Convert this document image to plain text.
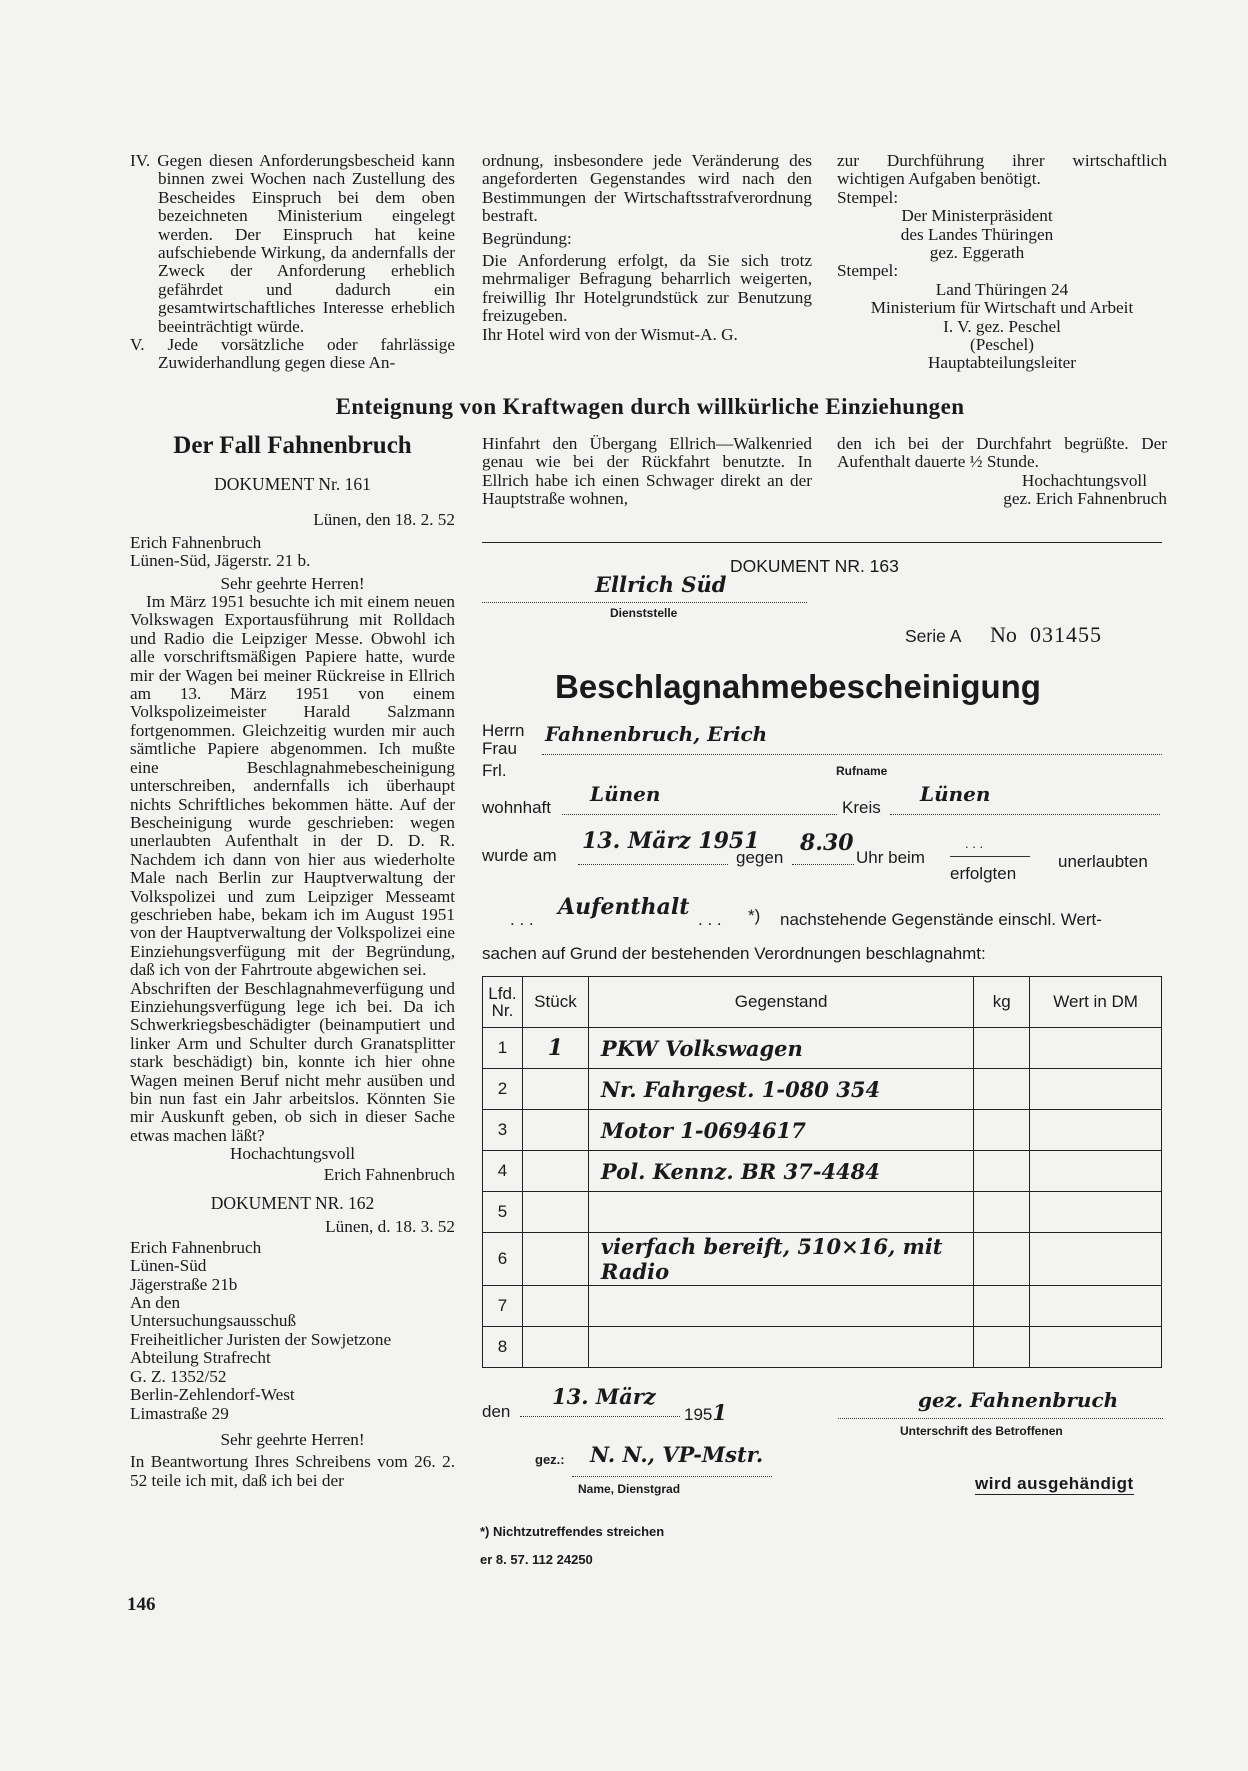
IV. Gegen diesen Anforderungsbescheid kann binnen zwei Wochen nach Zustellung des Bescheides Einspruch bei dem oben bezeichneten Ministerium eingelegt werden. Der Einspruch hat keine aufschiebende Wirkung, da andernfalls der Zweck der Anforderung erheblich gefährdet und dadurch ein gesamtwirtschaftliches Interesse erheblich beeinträchtigt würde.

V. Jede vorsätzliche oder fahrlässige Zuwiderhandlung gegen diese An-

ordnung, insbesondere jede Veränderung des angeforderten Gegenstandes wird nach den Bestimmungen der Wirtschaftsstrafverordnung bestraft.

Begründung:

Die Anforderung erfolgt, da Sie sich trotz mehrmaliger Befragung beharrlich weigerten, freiwillig Ihr Hotelgrundstück zur Benutzung freizugeben.

Ihr Hotel wird von der Wismut-A. G.

zur Durchführung ihrer wirtschaftlich wichtigen Aufgaben benötigt.

Stempel:

Der Ministerpräsident
des Landes Thüringen
gez. Eggerath

Stempel:

Land Thüringen 24
Ministerium für Wirtschaft und Arbeit
I. V. gez. Peschel
(Peschel)
Hauptabteilungsleiter
Enteignung von Kraftwagen durch willkürliche Einziehungen
Der Fall Fahnenbruch

DOKUMENT Nr. 161

Lünen, den 18. 2. 52

Erich Fahnenbruch

Lünen-Süd, Jägerstr. 21 b.

Sehr geehrte Herren!

Im März 1951 besuchte ich mit einem neuen Volkswagen Exportausführung mit Rolldach und Radio die Leipziger Messe. Obwohl ich alle vorschriftsmäßigen Papiere hatte, wurde mir der Wagen bei meiner Rückreise in Ellrich am 13. März 1951 von einem Volkspolizeimeister Harald Salzmann fortgenommen. Gleichzeitig wurden mir auch sämtliche Papiere abgenommen. Ich mußte eine Beschlagnahmebescheinigung unterschreiben, andernfalls ich überhaupt nichts Schriftliches bekommen hätte. Auf der Bescheinigung wurde geschrieben: wegen unerlaubten Aufenthalt in der D. D. R. Nachdem ich dann von hier aus wiederholte Male nach Berlin zur Hauptverwaltung der Volkspolizei und zum Leipziger Messeamt geschrieben habe, bekam ich im August 1951 von der Hauptverwaltung der Volkspolizei eine Einziehungsverfügung mit der Begründung, daß ich von der Fahrtroute abgewichen sei.

Abschriften der Beschlagnahmeverfügung und Einziehungsverfügung lege ich bei. Da ich Schwerkriegsbeschädigter (beinamputiert und linker Arm und Schulter durch Granatsplitter stark beschädigt) bin, konnte ich hier ohne Wagen meinen Beruf nicht mehr ausüben und bin nun fast ein Jahr arbeitslos. Könnten Sie mir Auskunft geben, ob sich in dieser Sache etwas machen läßt?

Hochachtungsvoll

Erich Fahnenbruch

DOKUMENT NR. 162

Lünen, d. 18. 3. 52

Erich Fahnenbruch
Lünen-Süd
Jägerstraße 21b
An den
Untersuchungsausschuß
Freiheitlicher Juristen der Sowjetzone
Abteilung Strafrecht
G. Z. 1352/52
Berlin-Zehlendorf-West
Limastraße 29

Sehr geehrte Herren!

In Beantwortung Ihres Schreibens vom 26. 2. 52 teile ich mit, daß ich bei der

Hinfahrt den Übergang Ellrich—Walkenried genau wie bei der Rückfahrt benutzte. In Ellrich habe ich einen Schwager direkt an der Hauptstraße wohnen,

den ich bei der Durchfahrt begrüßte. Der Aufenthalt dauerte ½ Stunde.

Hochachtungsvoll

gez. Erich Fahnenbruch

DOKUMENT NR. 163
Ellrich Süd
Dienststelle
Serie A No 031455
Beschlagnahmebescheinigung
Herrn
Frau
Frl.
Fahnenbruch, Erich
Rufname
wohnhaft
Lünen
Kreis
Lünen
wurde am
13. März 1951
gegen
8.30
Uhr beim
. . .
erfolgten
unerlaubten
. . . Aufenthalt . . . *) nachstehende Gegenstände einschl. Wert-
sachen auf Grund der bestehenden Verordnungen beschlagnahmt:
Lfd. Nr.	Stück	Gegenstand	kg	Wert in DM
1	1	PKW Volkswagen		
2		Nr. Fahrgest. 1-080 354		
3		Motor 1-0694617		
4		Pol. Kennz. BR 37-4484		
5				
6		vierfach bereift, 510×16, mit Radio		
7				
8				
den
13. März
1951	gez. Fahnenbruch
Unterschrift des Betroffenen
gez.: N. N., VP-Mstr.
Name, Dienstgrad	wird ausgehändigt
*) Nichtzutreffendes streichen
er 8. 57. 112 24250
146
